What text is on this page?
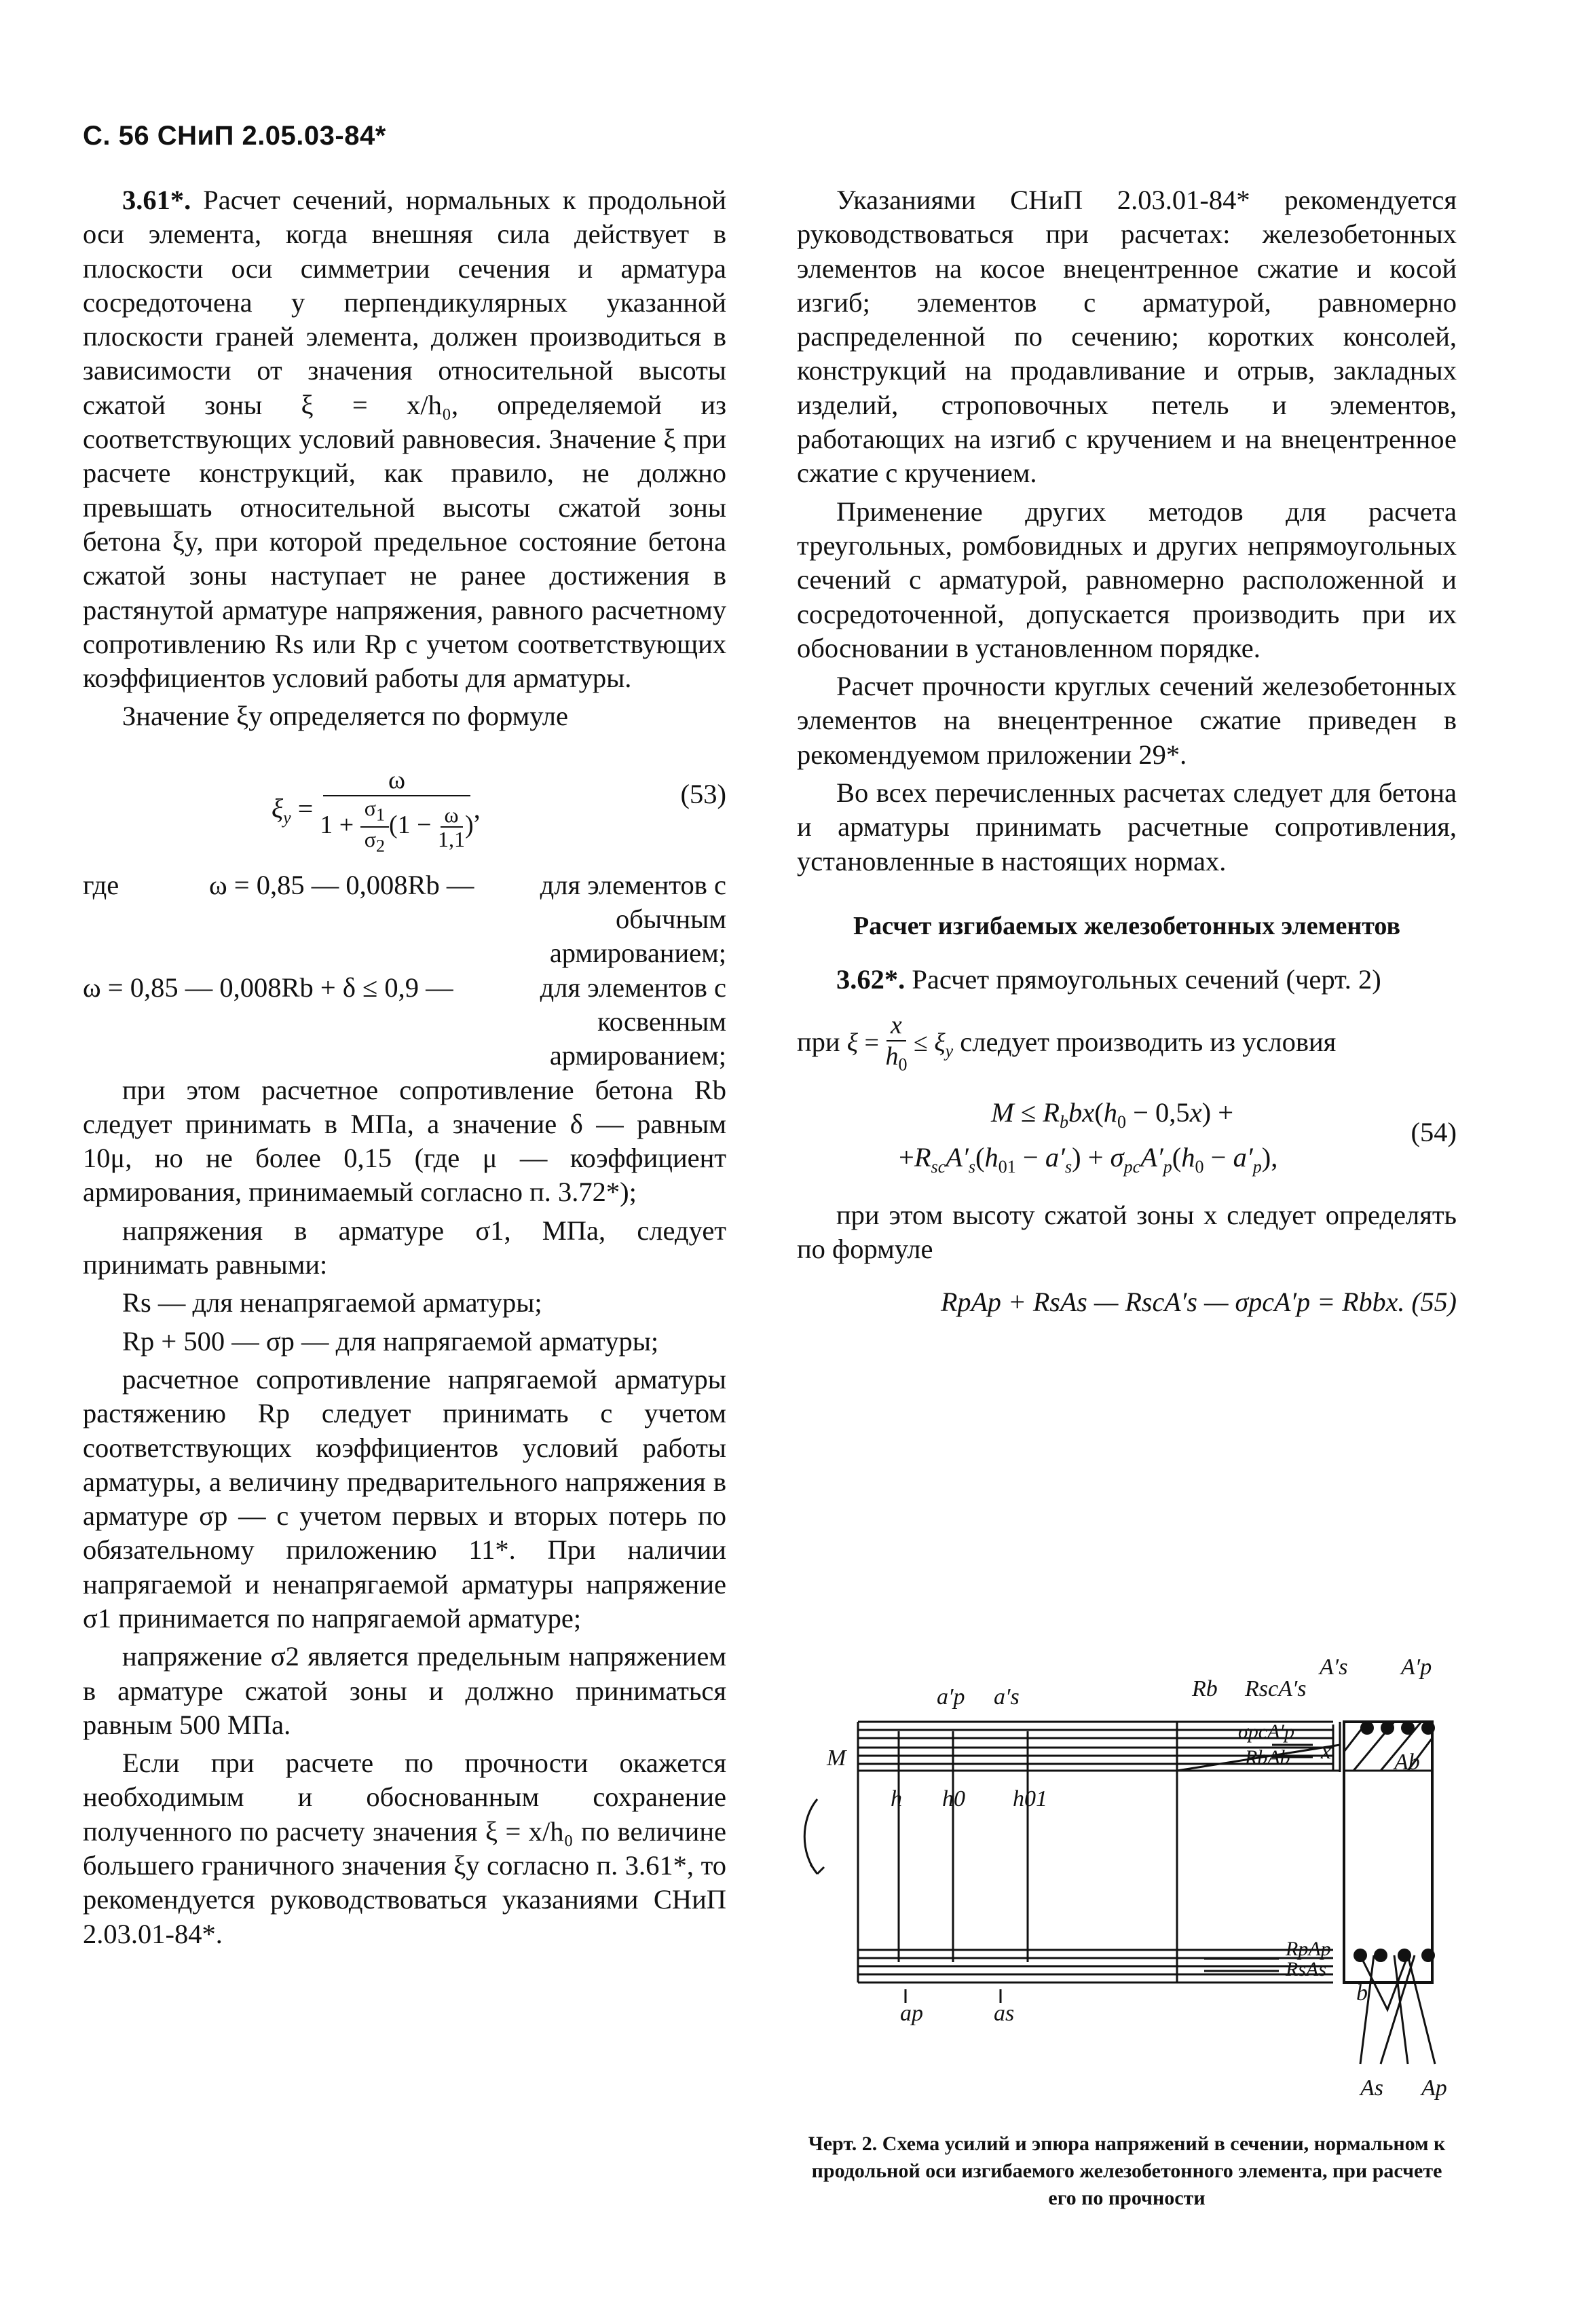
С. 56 СНиП 2.05.03-84*

3.61*. Расчет сечений, нормальных к продольной оси элемента, когда внешняя сила действует в плоскости оси симметрии сечения и арматура сосредоточена у перпендикулярных указанной плоскости граней элемента, должен производиться в зависимости от значения относительной высоты сжатой зоны ξ = x/h₀, определяемой из соответствующих условий равновесия. Значение ξ при расчете конструкций, как правило, не должно превышать относительной высоты сжатой зоны бетона ξy, при которой предельное состояние бетона сжатой зоны наступает не ранее достижения в растянутой арматуре напряжения, равного расчетному сопротивлению Rs или Rp с учетом соответствующих коэффициентов условий работы для арматуры.

Значение ξy определяется по формуле

$\xi_y = \frac{\omega}{1 + \frac{\sigma_1}{\sigma_2} (1 - \frac{\omega}{1,1} )}$ ,	(53)
где	ω = 0,85 — 0,008Rb —	для элементов с обычным армированием;
ω = 0,85 — 0,008Rb + δ ≤ 0,9 —	для элементов с косвенным армированием;

при этом расчетное сопротивление бетона Rb следует принимать в МПа, а значение δ — равным 10μ, но не более 0,15 (где μ — коэффициент армирования, принимаемый согласно п. 3.72*);

напряжения в арматуре σ1, МПа, следует принимать равными:

Rs — для ненапрягаемой арматуры;

Rp + 500 — σp — для напрягаемой арматуры;

расчетное сопротивление напрягаемой арматуры растяжению Rp следует принимать с учетом соответствующих коэффициентов условий работы арматуры, а величину предварительного напряжения в арматуре σp — с учетом первых и вторых потерь по обязательному приложению 11*. При наличии напрягаемой и ненапрягаемой арматуры напряжение σ1 принимается по напрягаемой арматуре;

напряжение σ2 является предельным напряжением в арматуре сжатой зоны и должно приниматься равным 500 МПа.

Если при расчете по прочности окажется необходимым и обоснованным сохранение полученного по расчету значения ξ = x/h₀ по величине большего граничного значения ξy согласно п. 3.61*, то рекомендуется руководствоваться указаниями СНиП 2.03.01-84*.

Указаниями СНиП 2.03.01-84* рекомендуется руководствоваться при расчетах: железобетонных элементов на косое внецентренное сжатие и косой изгиб; элементов с арматурой, равномерно распределенной по сечению; коротких консолей, конструкций на продавливание и отрыв, закладных изделий, строповочных петель и элементов, работающих на изгиб с кручением и на внецентренное сжатие с кручением.

Применение других методов для расчета треугольных, ромбовидных и других непрямоугольных сечений с арматурой, равномерно расположенной и сосредоточенной, допускается производить при их обосновании в установленном порядке.

Расчет прочности круглых сечений железобетонных элементов на внецентренное сжатие приведен в рекомендуемом приложении 29*.

Во всех перечисленных расчетах следует для бетона и арматуры принимать расчетные сопротивления, установленные в настоящих нормах.

Расчет изгибаемых железобетонных элементов

3.62*. Расчет прямоугольных сечений (черт. 2)

при $\xi = \frac{x}{h_0} \le \xi_y$ следует производить из условия
$M \le R_bbx(h_0 - 0,5x)$ +
$+R_{sc}A'_s(h_{01} - a'_s) + \sigma_{pc}A'_p(h_0 - a'_p)$,
(54)

при этом высоту сжатой зоны x следует определять по формуле

RpAp + RsAs — RscA′s — σpcA′p = Rbbx. (55)
M
h h0 h01
a′p a′s	Rb RscA′s
σpcA′p
RbAb x
RpAp
RsAs
ap	as
A′s A′p
Ab
b
As Ap
Черт. 2. Схема усилий и эпюра напряжений в сечении, нормальном к продольной оси изгибаемого железобетонного элемента, при расчете его по прочности
